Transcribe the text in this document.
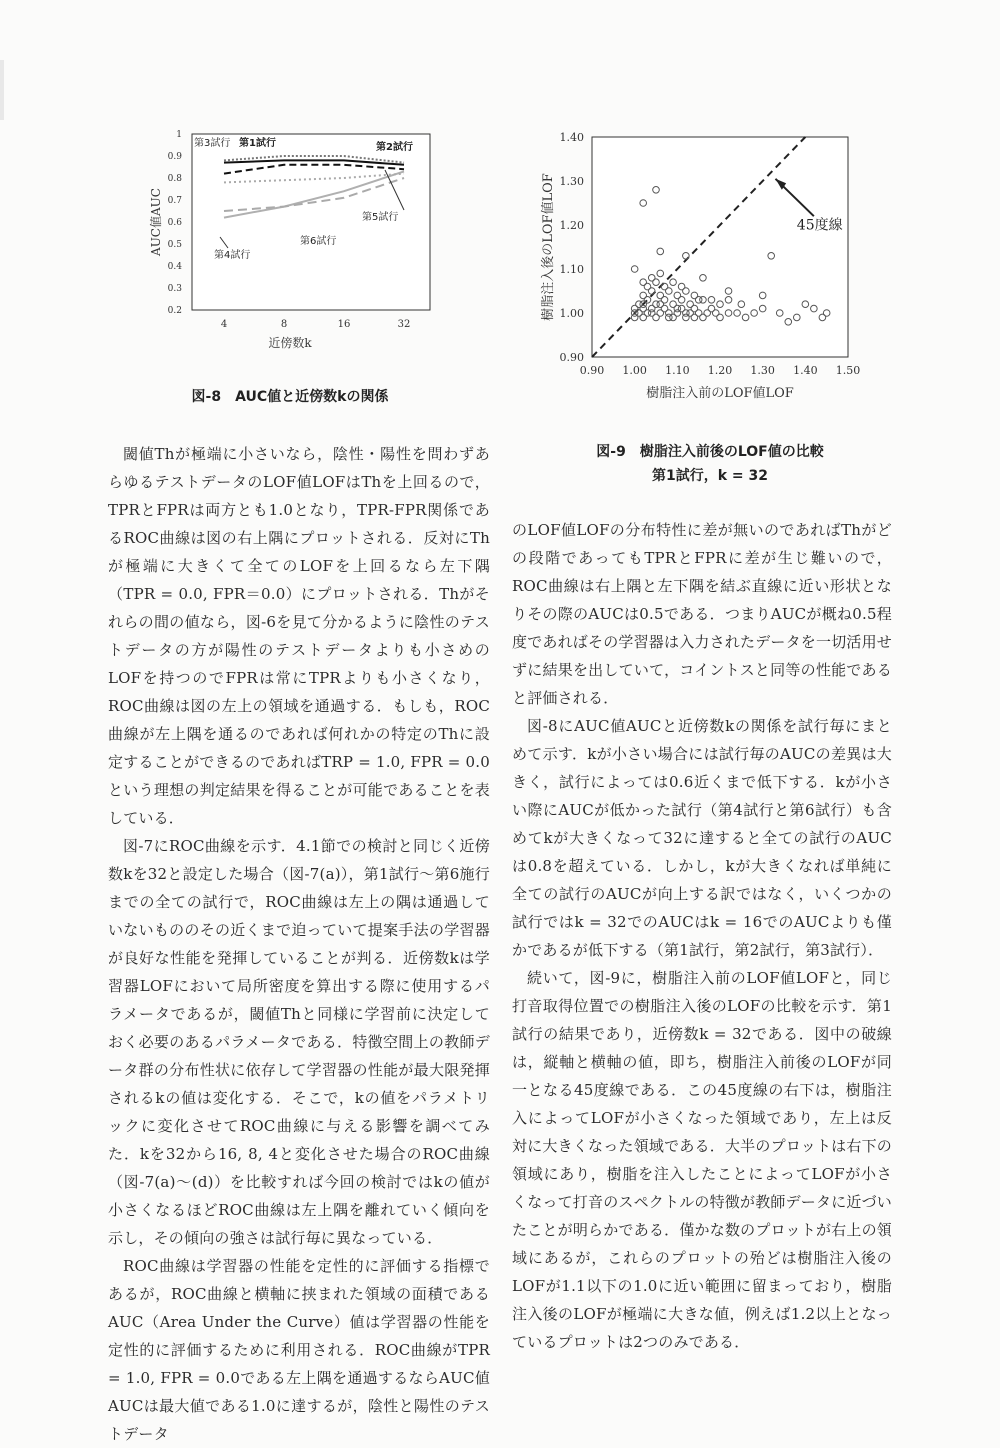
1
0.9
0.8
0.7
0.6
0.5
0.4
0.3
0.2
4	8	16	32
近傍数k
AUC値AUC
第3試行 第1試行	第2試行
第5試行
第6試行
第4試行
図-8　AUC値と近傍数kの関係
0.90
1.00
1.10
1.20
1.30
1.40
0.90 1.00 1.10 1.20 1.30 1.40 1.50
樹脂注入前のLOF値LOF
樹脂注入後のLOF値LOF	45度線
図-9　樹脂注入前後のLOF値の比較
第1試行，k = 32

閾値Thが極端に小さいなら，陰性・陽性を問わずあらゆるテストデータのLOF値LOFはThを上回るので，TPRとFPRは両方とも1.0となり，TPR-FPR関係であるROC曲線は図の右上隅にプロットされる．反対にThが極端に大きくて全てのLOFを上回るなら左下隅（TPR = 0.0, FPR＝0.0）にプロットされる．Thがそれらの間の値なら，図-6を見て分かるように陰性のテストデータの方が陽性のテストデータよりも小さめのLOFを持つのでFPRは常にTPRよりも小さくなり，ROC曲線は図の左上の領域を通過する．もしも，ROC曲線が左上隅を通るのであれば何れかの特定のThに設定することができるのであればTRP = 1.0, FPR = 0.0という理想の判定結果を得ることが可能であることを表している．

図-7にROC曲線を示す．4.1節での検討と同じく近傍数kを32と設定した場合（図-7(a)），第1試行～第6施行までの全ての試行で，ROC曲線は左上の隅は通過していないもののその近くまで迫っていて提案手法の学習器が良好な性能を発揮していることが判る．近傍数kは学習器LOFにおいて局所密度を算出する際に使用するパラメータであるが，閾値Thと同様に学習前に決定しておく必要のあるパラメータである．特徴空間上の教師データ群の分布性状に依存して学習器の性能が最大限発揮されるkの値は変化する．そこで，kの値をパラメトリックに変化させてROC曲線に与える影響を調べてみた．kを32から16, 8, 4と変化させた場合のROC曲線（図-7(a)～(d)）を比較すれば今回の検討ではkの値が小さくなるほどROC曲線は左上隅を離れていく傾向を示し，その傾向の強さは試行毎に異なっている．

ROC曲線は学習器の性能を定性的に評価する指標であるが，ROC曲線と横軸に挟まれた領域の面積であるAUC（Area Under the Curve）値は学習器の性能を定性的に評価するために利用される．ROC曲線がTPR = 1.0, FPR = 0.0である左上隅を通過するならAUC値AUCは最大値である1.0に達するが，陰性と陽性のテストデータ

のLOF値LOFの分布特性に差が無いのであればThがどの段階であってもTPRとFPRに差が生じ難いので，ROC曲線は右上隅と左下隅を結ぶ直線に近い形状となりその際のAUCは0.5である．つまりAUCが概ね0.5程度であればその学習器は入力されたデータを一切活用せずに結果を出していて，コイントスと同等の性能であると評価される．

図-8にAUC値AUCと近傍数kの関係を試行毎にまとめて示す．kが小さい場合には試行毎のAUCの差異は大きく，試行によっては0.6近くまで低下する．kが小さい際にAUCが低かった試行（第4試行と第6試行）も含めてkが大きくなって32に達すると全ての試行のAUCは0.8を超えている．しかし，kが大きくなれば単純に全ての試行のAUCが向上する訳ではなく，いくつかの試行ではk = 32でのAUCはk = 16でのAUCよりも僅かであるが低下する（第1試行，第2試行，第3試行）．

続いて，図-9に，樹脂注入前のLOF値LOFと，同じ打音取得位置での樹脂注入後のLOFの比較を示す．第1試行の結果であり，近傍数k = 32である．図中の破線は，縦軸と横軸の値，即ち，樹脂注入前後のLOFが同一となる45度線である．この45度線の右下は，樹脂注入によってLOFが小さくなった領域であり，左上は反対に大きくなった領域である．大半のプロットは右下の領域にあり，樹脂を注入したことによってLOFが小さくなって打音のスペクトルの特徴が教師データに近づいたことが明らかである．僅かな数のプロットが右上の領域にあるが，これらのプロットの殆どは樹脂注入後のLOFが1.1以下の1.0に近い範囲に留まっており，樹脂注入後のLOFが極端に大きな値，例えば1.2以上となっているプロットは2つのみである．
